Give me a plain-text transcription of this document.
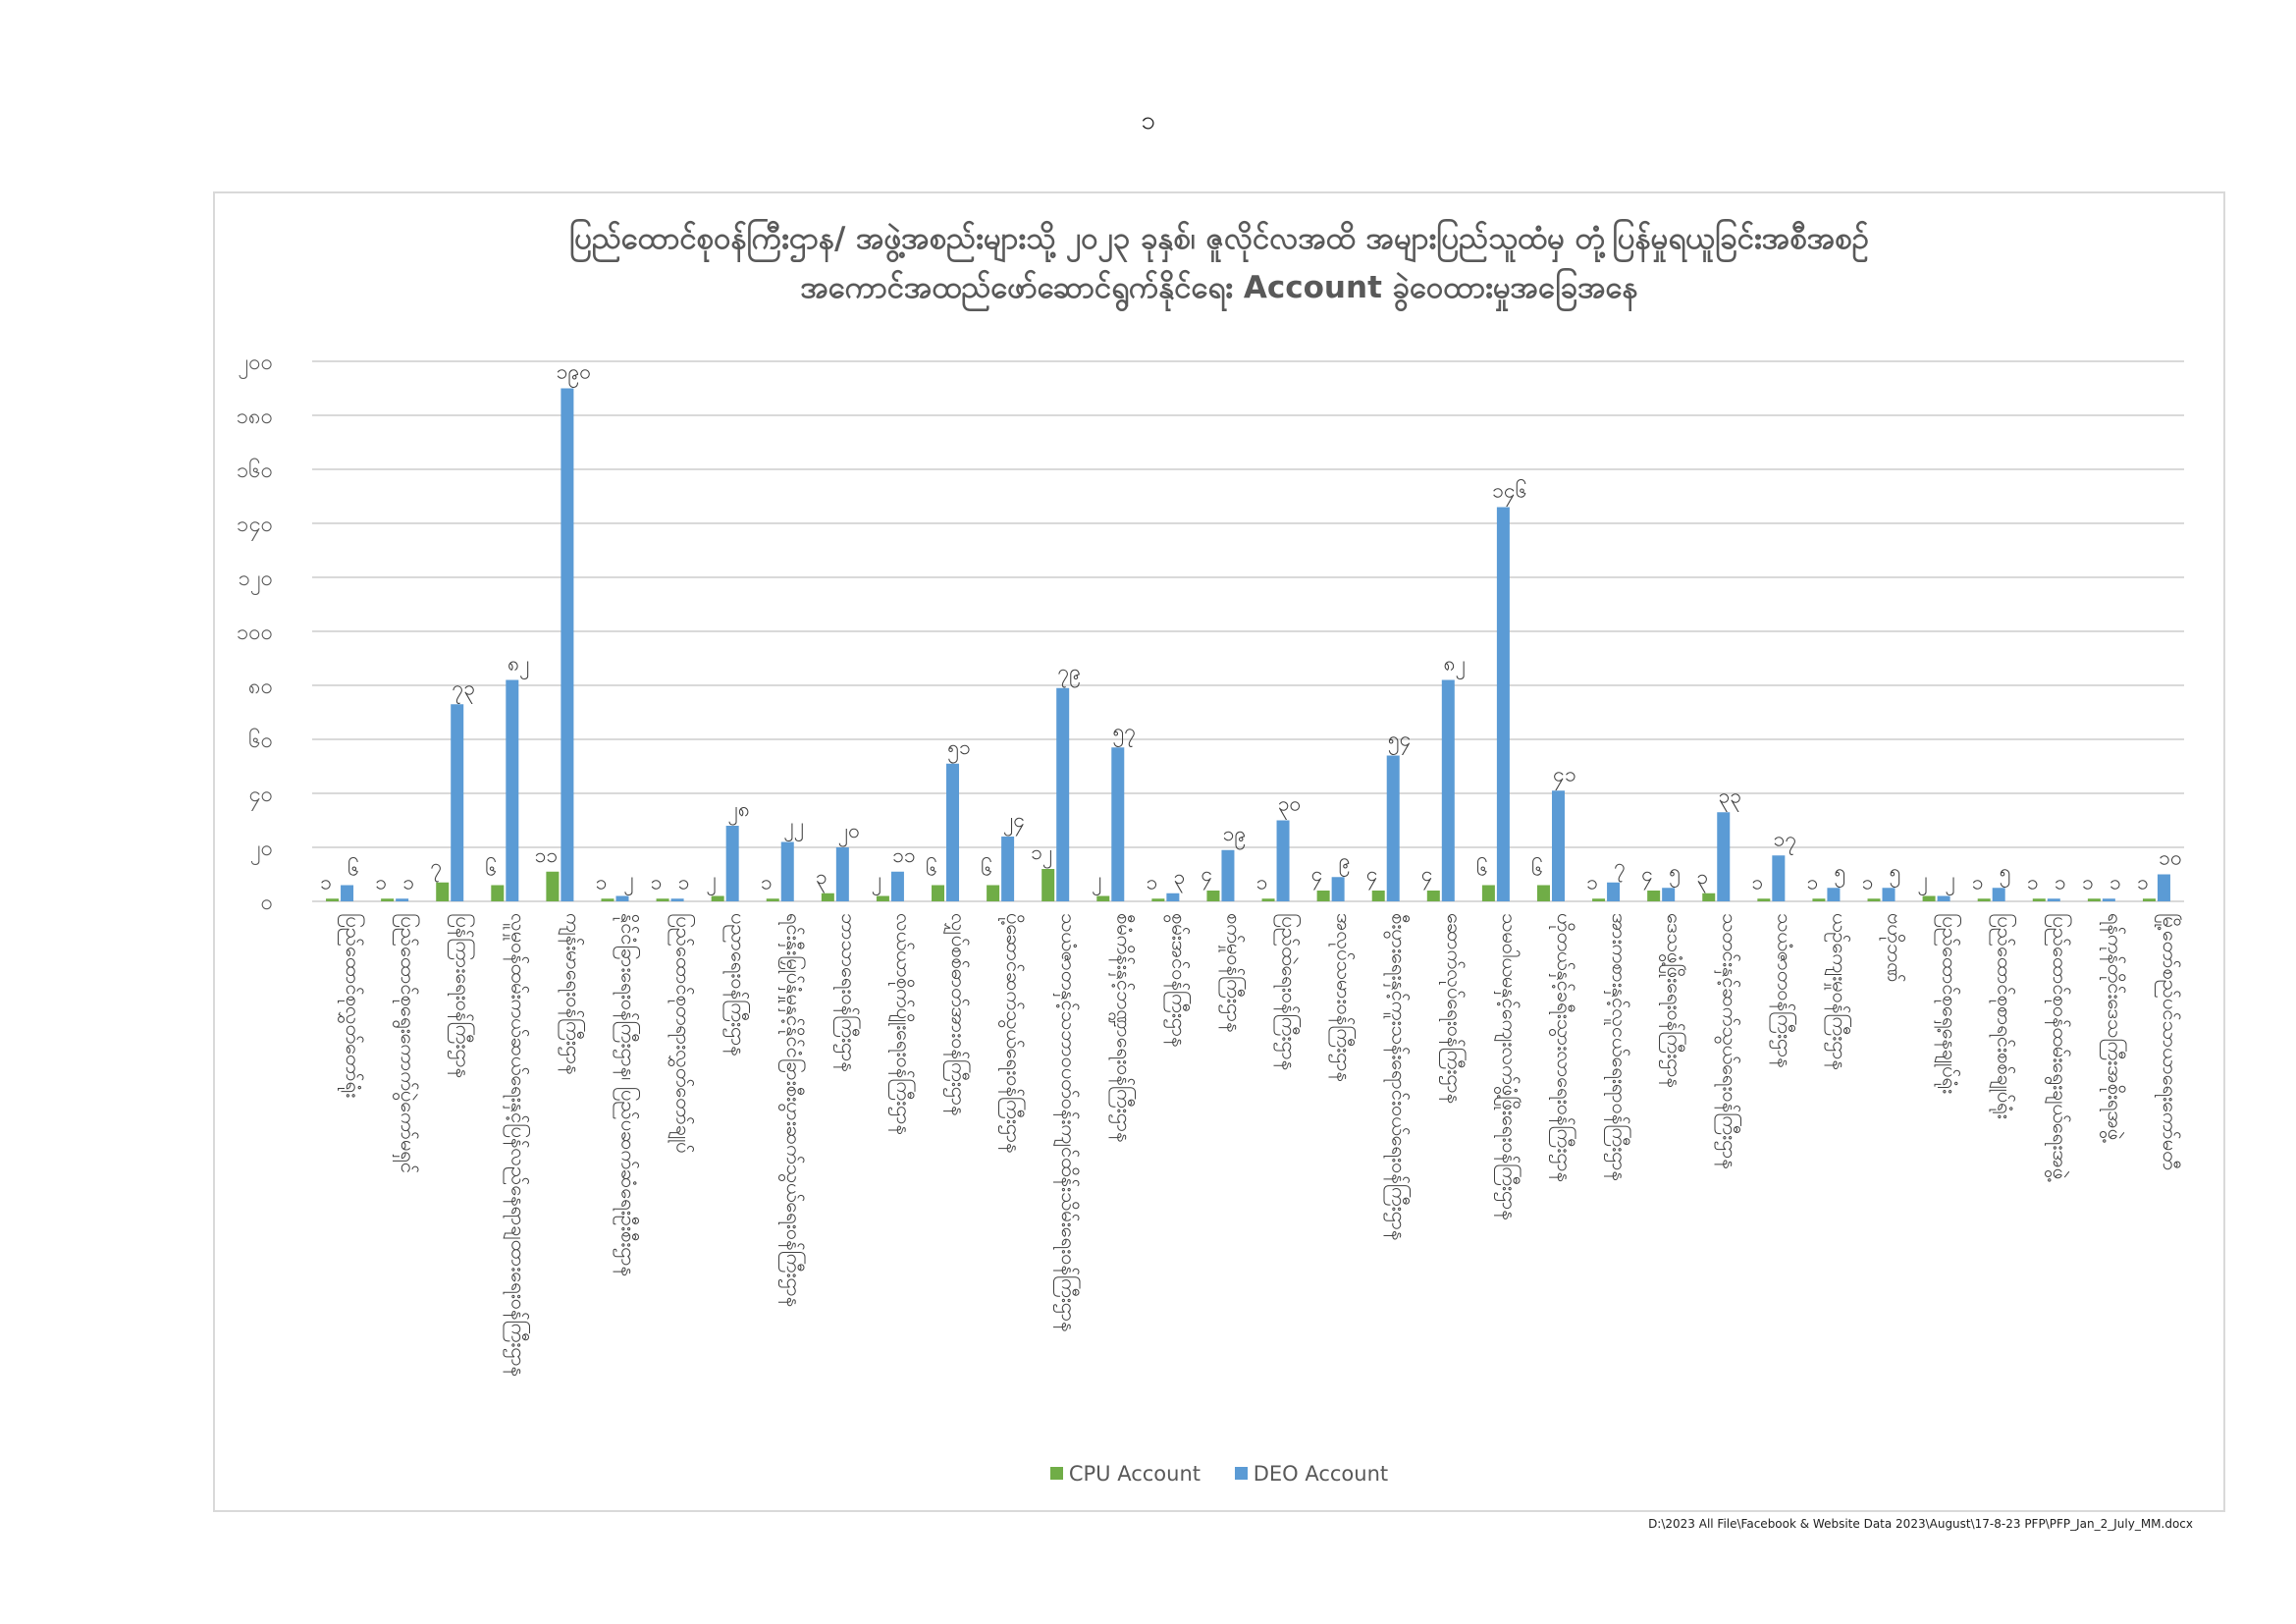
၁
ပြည်ထောင်စုဝန်ကြီးဌာန/ အဖွဲ့အစည်းများသို့ ၂၀၂၃ ခုနှစ်၊ ဇူလိုင်လအထိ အများပြည်သူထံမှ တုံ့ပြန်မှုရယူခြင်းအစီအစဉ်
အကောင်အထည်ဖော်ဆောင်ရွက်နိုင်ရေး Account ခွဲဝေထားမှုအခြေအနေ
၀
၂၀
၄၀
၆၀
၈၀
၁၀၀
၁၂၀
၁၄၀
၁၆၀
၁၈၀
၂၀၀
၁
၆
၁ ၁
၇
၇၃
၆
၈၂
၁၁
၁၉၀
၁ ၂ ၁ ၁ ၂
၂၈
၁
၂၂
၃
၂၀
၂
၁၁
၆
၅၁
၆
၂၄
၁၂
၇၉
၂
၅၇
၁ ၃ ၄
၁၉
၁
၃၀
၄
၉
၄
၅၄
၄
၈၂
၆
၁၄၆
၆
၄၁
၁
၇ ၄ ၅ ၃
၃၃
၁
၁၇
၁ ၅ ၁ ၅ ၂ ၂ ၁ ၅ ၁ ၁ ၁ ၁ ၁
၁၀
ပြည်ထောင်စုလွှတ်တော်ရုံး ပြည်ထောင်စုရွေးကောက်ပွဲကော်မရှင် ပြန်ကြားရေးဝန်ကြီးဌာန လူမှုဝန်ထမ်းကယ်ဆယ်ရေးနှင့်ပြန်လည်နေရာချထားရေးဝန်ကြီးဌာန ကျန်းမာရေးဝန်ကြီးဌာန နိုင်ငံခြားရေးဝန်ကြီးဌာန၊ ပြည်ပဆက်ဆံရေးဦးစီးဌာန ပြည်ထောင်စုတရားလွှတ်တော်ချုပ် ပညာရေးဝန်ကြီးဌာန ရင်းနှီးမြှုပ်နှံမှုနှင့်နိုင်ငံခြားစီးပွားဆက်သွယ်ရေးဝန်ကြီးဌာန ဘာသာရေးဝန်ကြီးဌာန လယ်ယာစိုက်ပျိုးရေးဝန်ကြီးဌာန လျှပ်စစ်ဓာတ်အားဝန်ကြီးဌာန ပို့ဆောင်ဆက်သွယ်ရေးဝန်ကြီးဌာန သယံဇာတနှင့်သဘာဝပတ်ဝန်းကျင်ထိန်းသိမ်းရေးဝန်ကြီးဌာန စီမံကိန်းနှင့်ဘဏ္ဍာရေးဝန်ကြီးဌာန စွမ်းအင်ဝန်ကြီးဌာန စက်မှုဝန်ကြီးဌာန ပြည်ထဲရေးဝန်ကြီးဌာန အလုပ်သမားဝန်ကြီးဌာန စီးပွားရေးနှင့်ကူးသန်းရောင်းဝယ်ရေးဝန်ကြီးဌာန ဆောက်လုပ်ရေးဝန်ကြီးဌာန သမဝါယမနှင့်ကျေးလက်ဖွံ့ဖြိုးရေးဝန်ကြီးဌာန ဟိုတယ်နှင့်ခရီးသွားလာရေးဝန်ကြီးဌာန အားကစားနှင့်လူငယ်ရေးရာဝန်ကြီးဌာန ဒေသဖွံ့ဖြိုးရေးဝန်ကြီးဌာန သတင်းနှင့်ဆက်သွယ်ရေးဝန်ကြီးဌာန သယံဇာတဝန်ကြီးဌာန ယဉ်ကျေးမှုဝန်ကြီးဌာန ဗဟိုဘဏ် ပြည်ထောင်စုရှေ့နေချုပ်ရုံး ပြည်ထောင်စုစာရင်းစစ်ချုပ်ရုံး ပြည်ထောင်စုဝန်ထမ်းရွေးချယ်ရေးအဖွဲ့ ရန်ကုန်တိုင်းဒေသကြီးအစိုးရအဖွဲ့ မြို့တော်စည်ပင်သာယာရေးကော်မတီ
CPU Account
	DEO Account
D:\2023 All File\Facebook & Website Data 2023\August\17-8-23 PFP\PFP_Jan_2_July_MM.docx
